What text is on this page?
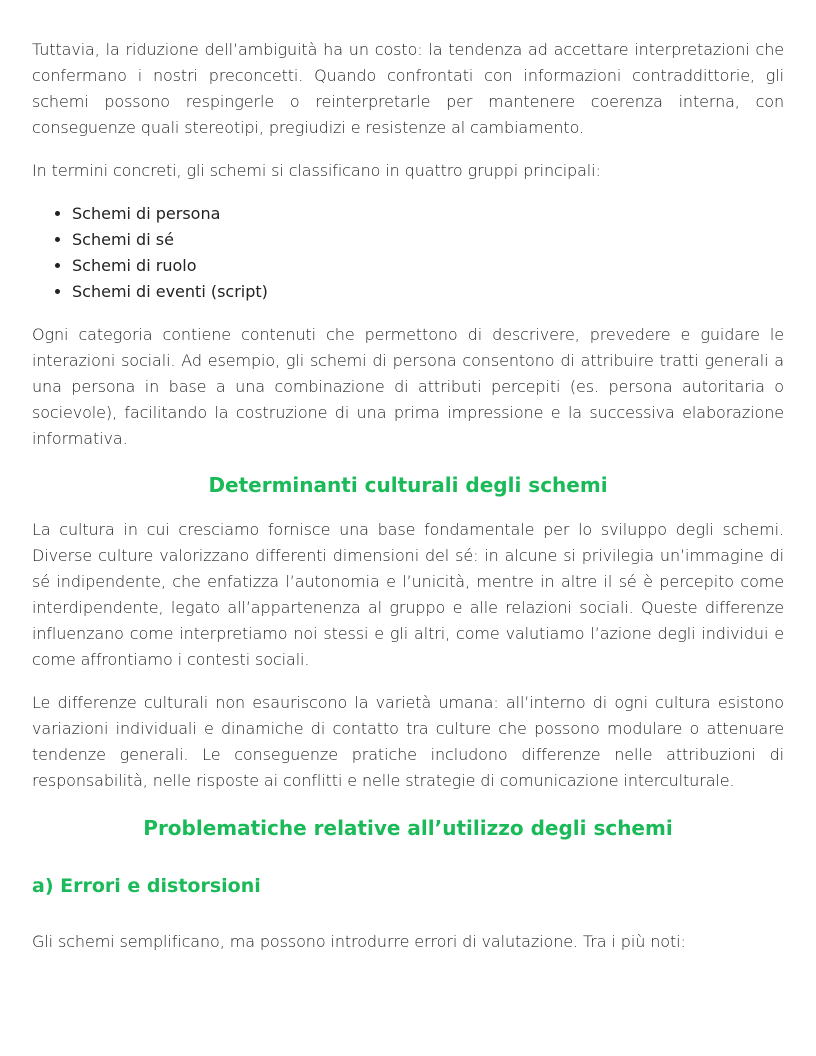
Tuttavia, la riduzione dell’ambiguità ha un costo: la tendenza ad accettare interpretazioni che confermano i nostri preconcetti. Quando confrontati con informazioni contraddittorie, gli schemi possono respingerle o reinterpretarle per mantenere coerenza interna, con conseguenze quali stereotipi, pregiudizi e resistenze al cambiamento.

In termini concreti, gli schemi si classificano in quattro gruppi principali:

• Schemi di persona
• Schemi di sé
• Schemi di ruolo
• Schemi di eventi (script)

Ogni categoria contiene contenuti che permettono di descrivere, prevedere e guidare le interazioni sociali. Ad esempio, gli schemi di persona consentono di attribuire tratti generali a una persona in base a una combinazione di attributi percepiti (es. persona autoritaria o socievole), facilitando la costruzione di una prima impressione e la successiva elaborazione informativa.

Determinanti culturali degli schemi

La cultura in cui cresciamo fornisce una base fondamentale per lo sviluppo degli schemi. Diverse culture valorizzano differenti dimensioni del sé: in alcune si privilegia un’immagine di sé indipendente, che enfatizza l’autonomia e l’unicità, mentre in altre il sé è percepito come interdipendente, legato all’appartenenza al gruppo e alle relazioni sociali. Queste differenze influenzano come interpretiamo noi stessi e gli altri, come valutiamo l’azione degli individui e come affrontiamo i contesti sociali.

Le differenze culturali non esauriscono la varietà umana: all’interno di ogni cultura esistono variazioni individuali e dinamiche di contatto tra culture che possono modulare o attenuare tendenze generali. Le conseguenze pratiche includono differenze nelle attribuzioni di responsabilità, nelle risposte ai conflitti e nelle strategie di comunicazione interculturale.

Problematiche relative all’utilizzo degli schemi
a) Errori e distorsioni

Gli schemi semplificano, ma possono introdurre errori di valutazione. Tra i più noti:
